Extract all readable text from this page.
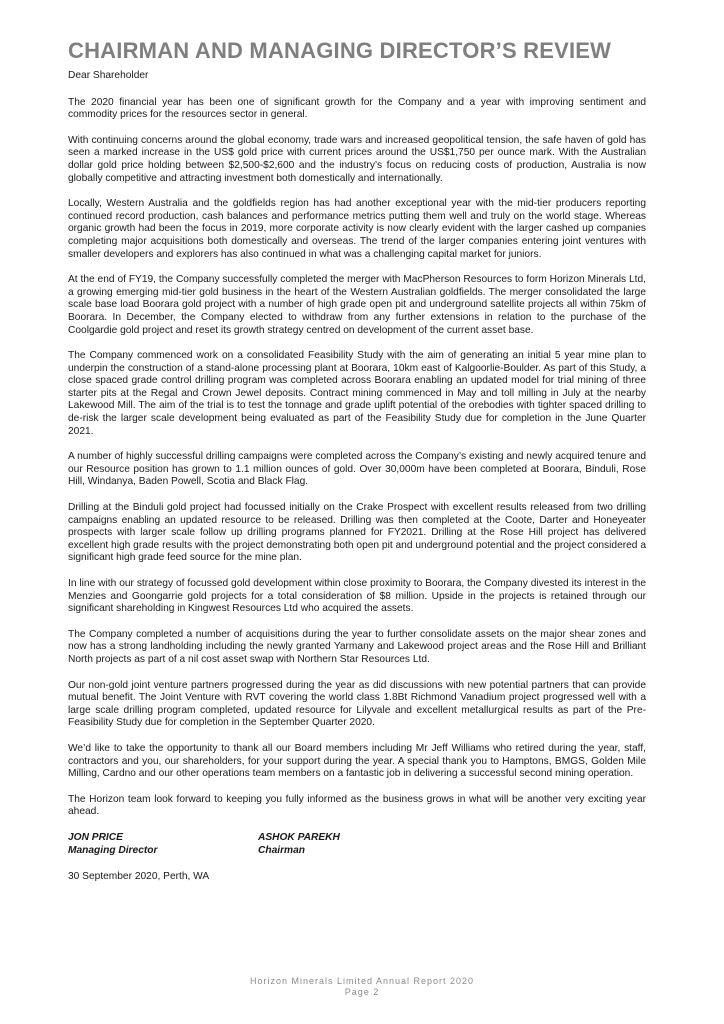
CHAIRMAN AND MANAGING DIRECTOR’S REVIEW
Dear Shareholder

The 2020 financial year has been one of significant growth for the Company and a year with improving sentiment and commodity prices for the resources sector in general.

With continuing concerns around the global economy, trade wars and increased geopolitical tension, the safe haven of gold has seen a marked increase in the US$ gold price with current prices around the US$1,750 per ounce mark. With the Australian dollar gold price holding between $2,500-$2,600 and the industry’s focus on reducing costs of production, Australia is now globally competitive and attracting investment both domestically and internationally.

Locally, Western Australia and the goldfields region has had another exceptional year with the mid-tier producers reporting continued record production, cash balances and performance metrics putting them well and truly on the world stage. Whereas organic growth had been the focus in 2019, more corporate activity is now clearly evident with the larger cashed up companies completing major acquisitions both domestically and overseas. The trend of the larger companies entering joint ventures with smaller developers and explorers has also continued in what was a challenging capital market for juniors.

At the end of FY19, the Company successfully completed the merger with MacPherson Resources to form Horizon Minerals Ltd, a growing emerging mid-tier gold business in the heart of the Western Australian goldfields. The merger consolidated the large scale base load Boorara gold project with a number of high grade open pit and underground satellite projects all within 75km of Boorara. In December, the Company elected to withdraw from any further extensions in relation to the purchase of the Coolgardie gold project and reset its growth strategy centred on development of the current asset base.

The Company commenced work on a consolidated Feasibility Study with the aim of generating an initial 5 year mine plan to underpin the construction of a stand-alone processing plant at Boorara, 10km east of Kalgoorlie-Boulder. As part of this Study, a close spaced grade control drilling program was completed across Boorara enabling an updated model for trial mining of three starter pits at the Regal and Crown Jewel deposits. Contract mining commenced in May and toll milling in July at the nearby Lakewood Mill. The aim of the trial is to test the tonnage and grade uplift potential of the orebodies with tighter spaced drilling to de-risk the larger scale development being evaluated as part of the Feasibility Study due for completion in the June Quarter 2021.

A number of highly successful drilling campaigns were completed across the Company’s existing and newly acquired tenure and our Resource position has grown to 1.1 million ounces of gold. Over 30,000m have been completed at Boorara, Binduli, Rose Hill, Windanya, Baden Powell, Scotia and Black Flag.

Drilling at the Binduli gold project had focussed initially on the Crake Prospect with excellent results released from two drilling campaigns enabling an updated resource to be released. Drilling was then completed at the Coote, Darter and Honeyeater prospects with larger scale follow up drilling programs planned for FY2021. Drilling at the Rose Hill project has delivered excellent high grade results with the project demonstrating both open pit and underground potential and the project considered a significant high grade feed source for the mine plan.

In line with our strategy of focussed gold development within close proximity to Boorara, the Company divested its interest in the Menzies and Goongarrie gold projects for a total consideration of $8 million. Upside in the projects is retained through our significant shareholding in Kingwest Resources Ltd who acquired the assets.

The Company completed a number of acquisitions during the year to further consolidate assets on the major shear zones and now has a strong landholding including the newly granted Yarmany and Lakewood project areas and the Rose Hill and Brilliant North projects as part of a nil cost asset swap with Northern Star Resources Ltd.

Our non-gold joint venture partners progressed during the year as did discussions with new potential partners that can provide mutual benefit. The Joint Venture with RVT covering the world class 1.8Bt Richmond Vanadium project progressed well with a large scale drilling program completed, updated resource for Lilyvale and excellent metallurgical results as part of the Pre-Feasibility Study due for completion in the September Quarter 2020.

We’d like to take the opportunity to thank all our Board members including Mr Jeff Williams who retired during the year, staff, contractors and you, our shareholders, for your support during the year. A special thank you to Hamptons, BMGS, Golden Mile Milling, Cardno and our other operations team members on a fantastic job in delivering a successful second mining operation.

The Horizon team look forward to keeping you fully informed as the business grows in what will be another very exciting year ahead.

JON PRICE
Managing Director
ASHOK PAREKH
Chairman
30 September 2020, Perth, WA
Horizon Minerals Limited Annual Report 2020
Page 2
